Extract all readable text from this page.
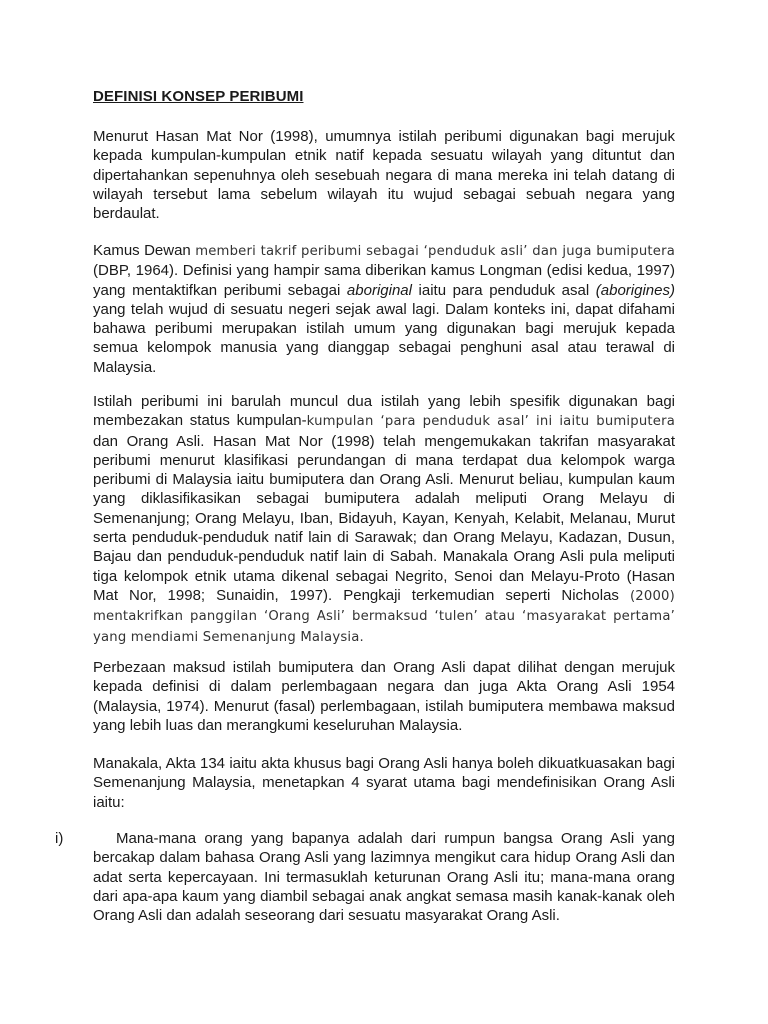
DEFINISI KONSEP PERIBUMI

Menurut Hasan Mat Nor (1998), umumnya istilah peribumi digunakan bagi merujuk kepada kumpulan-kumpulan etnik natif kepada sesuatu wilayah yang dituntut dan dipertahankan sepenuhnya oleh sesebuah negara di mana mereka ini telah datang di wilayah tersebut lama sebelum wilayah itu wujud sebagai sebuah negara yang berdaulat.

Kamus Dewan memberi takrif peribumi sebagai ‘penduduk asli’ dan juga bumiputera (DBP, 1964). Definisi yang hampir sama diberikan kamus Longman (edisi kedua, 1997) yang mentaktifkan peribumi sebagai aboriginal iaitu para penduduk asal (aborigines) yang telah wujud di sesuatu negeri sejak awal lagi. Dalam konteks ini, dapat difahami bahawa peribumi merupakan istilah umum yang digunakan bagi merujuk kepada semua kelompok manusia yang dianggap sebagai penghuni asal atau terawal di Malaysia.

Istilah peribumi ini barulah muncul dua istilah yang lebih spesifik digunakan bagi membezakan status kumpulan-kumpulan ‘para penduduk asal’ ini iaitu bumiputera dan Orang Asli. Hasan Mat Nor (1998) telah mengemukakan takrifan masyarakat peribumi menurut klasifikasi perundangan di mana terdapat dua kelompok warga peribumi di Malaysia iaitu bumiputera dan Orang Asli. Menurut beliau, kumpulan kaum yang diklasifikasikan sebagai bumiputera adalah meliputi Orang Melayu di Semenanjung; Orang Melayu, Iban, Bidayuh, Kayan, Kenyah, Kelabit, Melanau, Murut serta penduduk-penduduk natif lain di Sarawak; dan Orang Melayu, Kadazan, Dusun, Bajau dan penduduk-penduduk natif lain di Sabah. Manakala Orang Asli pula meliputi tiga kelompok etnik utama dikenal sebagai Negrito, Senoi dan Melayu-Proto (Hasan Mat Nor, 1998; Sunaidin, 1997). Pengkaji terkemudian seperti Nicholas (2000) mentakrifkan panggilan ‘Orang Asli’ bermaksud ‘tulen’ atau ‘masyarakat pertama’ yang mendiami Semenanjung Malaysia.

Perbezaan maksud istilah bumiputera dan Orang Asli dapat dilihat dengan merujuk kepada definisi di dalam perlembagaan negara dan juga Akta Orang Asli 1954 (Malaysia, 1974). Menurut (fasal) perlembagaan, istilah bumiputera membawa maksud yang lebih luas dan merangkumi keseluruhan Malaysia.

Manakala, Akta 134 iaitu akta khusus bagi Orang Asli hanya boleh dikuatkuasakan bagi Semenanjung Malaysia, menetapkan 4 syarat utama bagi mendefinisikan Orang Asli iaitu:

i)	Mana-mana orang yang bapanya adalah dari rumpun bangsa Orang Asli yang bercakap dalam bahasa Orang Asli yang lazimnya mengikut cara hidup Orang Asli dan adat serta kepercayaan. Ini termasuklah keturunan Orang Asli itu; mana-mana orang dari apa-apa kaum yang diambil sebagai anak angkat semasa masih kanak-kanak oleh Orang Asli dan adalah seseorang dari sesuatu masyarakat Orang Asli.
